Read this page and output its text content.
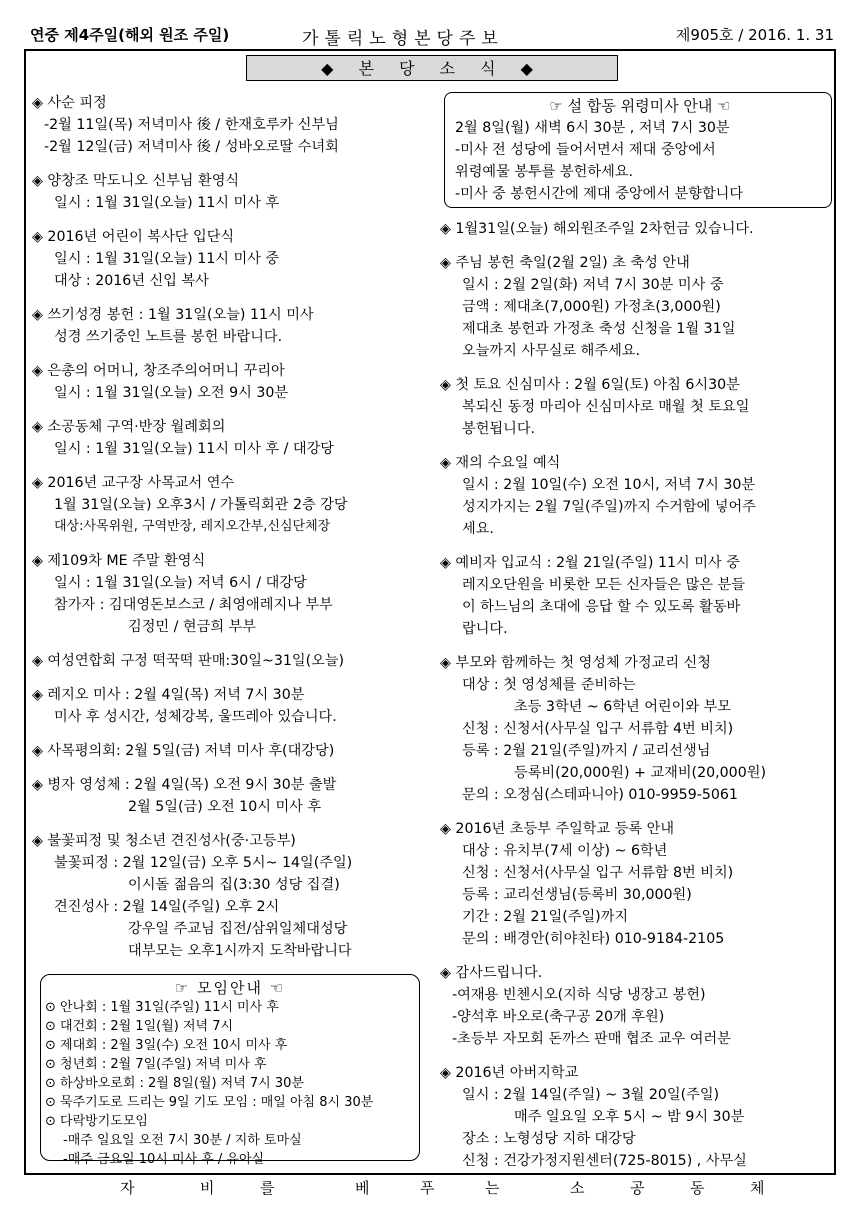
연중 제4주일(해외 원조 주일)	가톨릭노형본당주보	제905호 / 2016. 1. 31
◆ 본 당 소 식 ◆
◈ 사순 피정
-2월 11일(목) 저녁미사 後 / 한재호루카 신부님
-2월 12일(금) 저녁미사 後 / 성바오로딸 수녀회
◈ 양창조 막도니오 신부님 환영식
일시 : 1월 31일(오늘) 11시 미사 후
◈ 2016년 어린이 복사단 입단식
일시 : 1월 31일(오늘) 11시 미사 중
대상 : 2016년 신입 복사
◈ 쓰기성경 봉헌 : 1월 31일(오늘) 11시 미사
성경 쓰기중인 노트를 봉헌 바랍니다.
◈ 은총의 어머니, 창조주의어머니 꾸리아
일시 : 1월 31일(오늘) 오전 9시 30분
◈ 소공동체 구역·반장 월례회의
일시 : 1월 31일(오늘) 11시 미사 후 / 대강당
◈ 2016년 교구장 사목교서 연수
1월 31일(오늘) 오후3시 / 가톨릭회관 2층 강당
대상:사목위원, 구역반장, 레지오간부,신심단체장
◈ 제109차 ME 주말 환영식
일시 : 1월 31일(오늘) 저녁 6시 / 대강당
참가자 : 김대영돈보스코 / 최영애레지나 부부
김정민 / 현금희 부부
◈ 여성연합회 구정 떡꾹떡 판매:30일~31일(오늘)
◈ 레지오 미사 : 2월 4일(목) 저녁 7시 30분
미사 후 성시간, 성체강복, 울뜨레아 있습니다.
◈ 사목평의회: 2월 5일(금) 저녁 미사 후(대강당)
◈ 병자 영성체 : 2월 4일(목) 오전 9시 30분 출발
2월 5일(금) 오전 10시 미사 후
◈ 불꽃피정 및 청소년 견진성사(중·고등부)
불꽃피정 : 2월 12일(금) 오후 5시~ 14일(주일)
이시돌 젊음의 집(3:30 성당 집결)
견진성사 : 2월 14일(주일) 오후 2시
강우일 주교님 집전/삼위일체대성당
대부모는 오후1시까지 도착바랍니다
☞ 설 합동 위령미사 안내 ☜
2월 8일(월) 새벽 6시 30분 , 저녁 7시 30분
-미사 전 성당에 들어서면서 제대 중앙에서
위령예물 봉투를 봉헌하세요.
-미사 중 봉헌시간에 제대 중앙에서 분향합니다
◈ 1월31일(오늘) 해외원조주일 2차헌금 있습니다.
◈ 주님 봉헌 축일(2월 2일) 초 축성 안내
일시 : 2월 2일(화) 저녁 7시 30분 미사 중
금액 : 제대초(7,000원) 가정초(3,000원)
제대초 봉헌과 가정초 축성 신청을 1월 31일
오늘까지 사무실로 해주세요.
◈ 첫 토요 신심미사 : 2월 6일(토) 아침 6시30분
복되신 동정 마리아 신심미사로 매월 첫 토요일
봉헌됩니다.
◈ 재의 수요일 예식
일시 : 2월 10일(수) 오전 10시, 저녁 7시 30분
성지가지는 2월 7일(주일)까지 수거함에 넣어주
세요.
◈ 예비자 입교식 : 2월 21일(주일) 11시 미사 중
레지오단원을 비롯한 모든 신자들은 많은 분들
이 하느님의 초대에 응답 할 수 있도록 활동바
랍니다.
◈ 부모와 함께하는 첫 영성체 가정교리 신청
대상 : 첫 영성체를 준비하는
초등 3학년 ~ 6학년 어린이와 부모
신청 : 신청서(사무실 입구 서류함 4번 비치)
등록 : 2월 21일(주일)까지 / 교리선생님
등록비(20,000원) + 교재비(20,000원)
문의 : 오정심(스테파니아) 010-9959-5061
◈ 2016년 초등부 주일학교 등록 안내
대상 : 유치부(7세 이상) ~ 6학년
신청 : 신청서(사무실 입구 서류함 8번 비치)
등록 : 교리선생님(등록비 30,000원)
기간 : 2월 21일(주일)까지
문의 : 배경안(히야친타) 010-9184-2105
◈ 감사드립니다.
-여재용 빈첸시오(지하 식당 냉장고 봉헌)
-양석후 바오로(축구공 20개 후원)
-초등부 자모회 돈까스 판매 협조 교우 여러분
◈ 2016년 아버지학교
일시 : 2월 14일(주일) ~ 3월 20일(주일)
매주 일요일 오후 5시 ~ 밤 9시 30분
장소 : 노형성당 지하 대강당
신청 : 건강가정지원센터(725-8015) , 사무실
☞ 모임안내 ☜
⊙ 안나회 : 1월 31일(주일) 11시 미사 후
⊙ 대건회 : 2월 1일(월) 저녁 7시
⊙ 제대회 : 2월 3일(수) 오전 10시 미사 후
⊙ 청년회 : 2월 7일(주일) 저녁 미사 후
⊙ 하상바오로회 : 2월 8일(월) 저녁 7시 30분
⊙ 묵주기도로 드리는 9일 기도 모임 : 매일 아침 8시 30분
⊙ 다락방기도모임
-매주 일요일 오전 7시 30분 / 지하 토마실
-매주 금요일 10시 미사 후 / 유아실
자	비	를	베	푸	는	소	공	동	체
